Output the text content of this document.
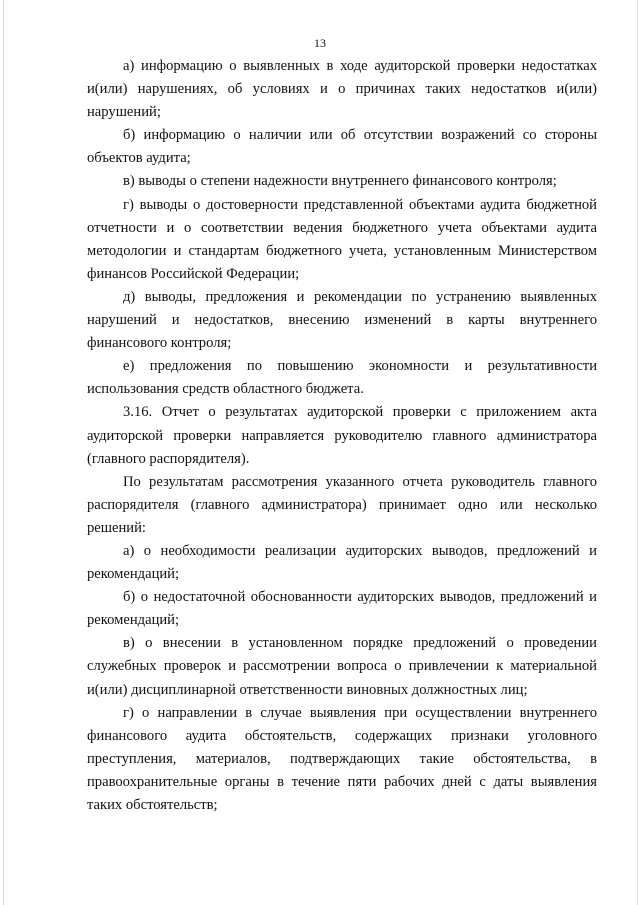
13

а) информацию о выявленных в ходе аудиторской проверки недостатках и(или) нарушениях, об условиях и о причинах таких недостатков и(или) нарушений;

б) информацию о наличии или об отсутствии возражений со стороны объектов аудита;

в) выводы о степени надежности внутреннего финансового контроля;

г) выводы о достоверности представленной объектами аудита бюджетной отчетности и о соответствии ведения бюджетного учета объектами аудита методологии и стандартам бюджетного учета, установленным Министерством финансов Российской Федерации;

д) выводы, предложения и рекомендации по устранению выявленных нарушений и недостатков, внесению изменений в карты внутреннего финансового контроля;

е) предложения по повышению экономности и результативности использования средств областного бюджета.

3.16. Отчет о результатах аудиторской проверки с приложением акта аудиторской проверки направляется руководителю главного администратора (главного распорядителя).

По результатам рассмотрения указанного отчета руководитель главного распорядителя (главного администратора) принимает одно или несколько решений:

а) о необходимости реализации аудиторских выводов, предложений и рекомендаций;

б) о недостаточной обоснованности аудиторских выводов, предложений и рекомендаций;

в) о внесении в установленном порядке предложений о проведении служебных проверок и рассмотрении вопроса о привлечении к материальной и(или) дисциплинарной ответственности виновных должностных лиц;

г) о направлении в случае выявления при осуществлении внутреннего финансового аудита обстоятельств, содержащих признаки уголовного преступления, материалов, подтверждающих такие обстоятельства, в правоохранительные органы в течение пяти рабочих дней с даты выявления таких обстоятельств;
